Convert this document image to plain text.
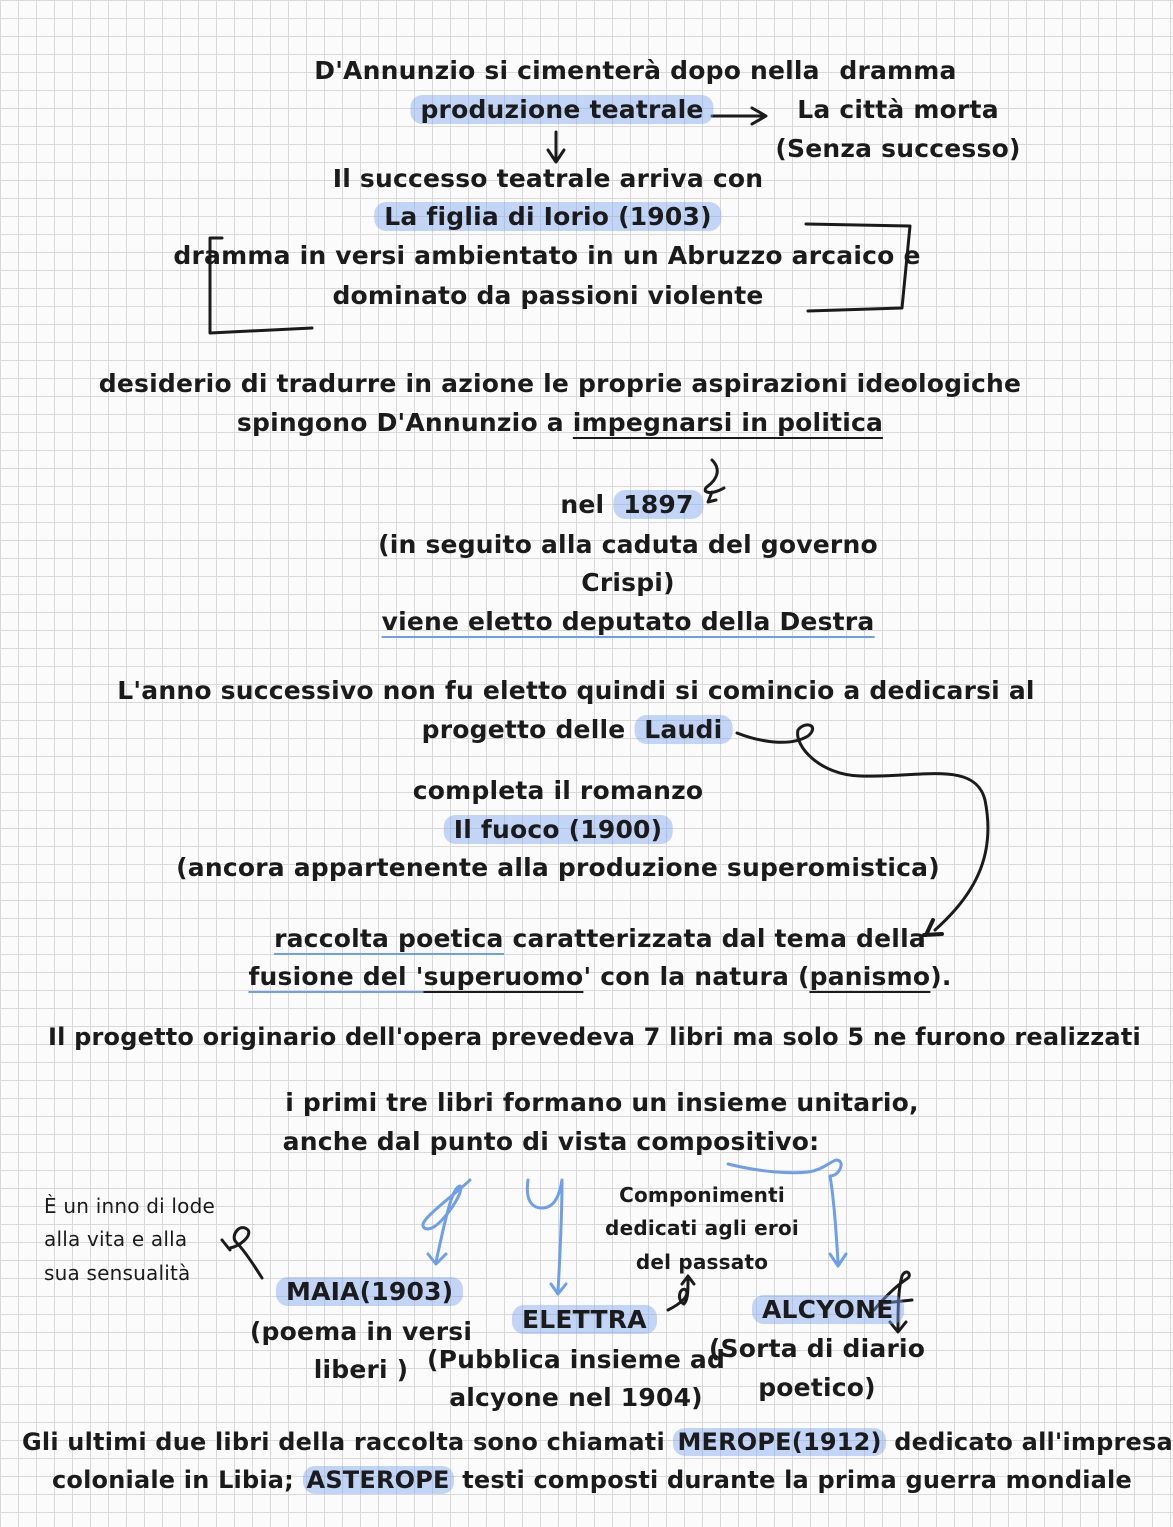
D'Annunzio si cimenterà dopo nella
produzione teatrale
dramma
La città morta
(Senza successo)
Il successo teatrale arriva con
La figlia di Iorio (1903)
dramma in versi ambientato in un Abruzzo arcaico e
dominato da passioni violente
desiderio di tradurre in azione le proprie aspirazioni ideologiche
spingono D'Annunzio a impegnarsi in politica
nel 1897
(in seguito alla caduta del governo
Crispi)
viene eletto deputato della Destra
L'anno successivo non fu eletto quindi si comincio a dedicarsi al
progetto delle Laudi
completa il romanzo
Il fuoco (1900)
(ancora appartenente alla produzione superomistica)
raccolta poetica caratterizzata dal tema della
fusione del 'superuomo' con la natura (panismo).
Il progetto originario dell'opera prevedeva 7 libri ma solo 5 ne furono realizzati
i primi tre libri formano un insieme unitario,
anche dal punto di vista compositivo:
È un inno di lode
alla vita e alla
sua sensualità
MAIA(1903)
(poema in versi
liberi )
Componimenti
dedicati agli eroi
del passato
ELETTRA
(Pubblica insieme ad
alcyone nel 1904)
ALCYONE
(Sorta di diario
poetico)
Gli ultimi due libri della raccolta sono chiamati MEROPE(1912) dedicato all'impresa
coloniale in Libia; ASTEROPE testi composti durante la prima guerra mondiale
